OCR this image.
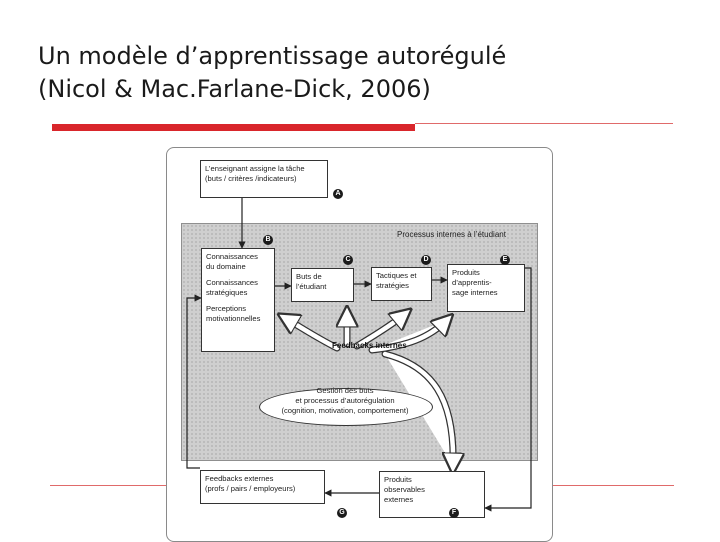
Un modèle d’apprentissage autorégulé
(Nicol & Mac.Farlane-Dick, 2006)
Processus internes à l’étudiant
L’enseignant assigne la tâche
(buts / critères /indicateurs)
Connaissances
du domaine
Connaissances
stratégiques
Perceptions
motivationnelles
Buts de
l’étudiant
Tactiques et
stratégies
Produits
d’apprentis-
sage internes
Feedbacks internes
Gestion des buts
et processus d’autorégulation
(cognition, motivation, comportement)
Feedbacks externes
(profs / pairs / employeurs)
Produits
observables
externes
A
B
C	D	E
G	F
